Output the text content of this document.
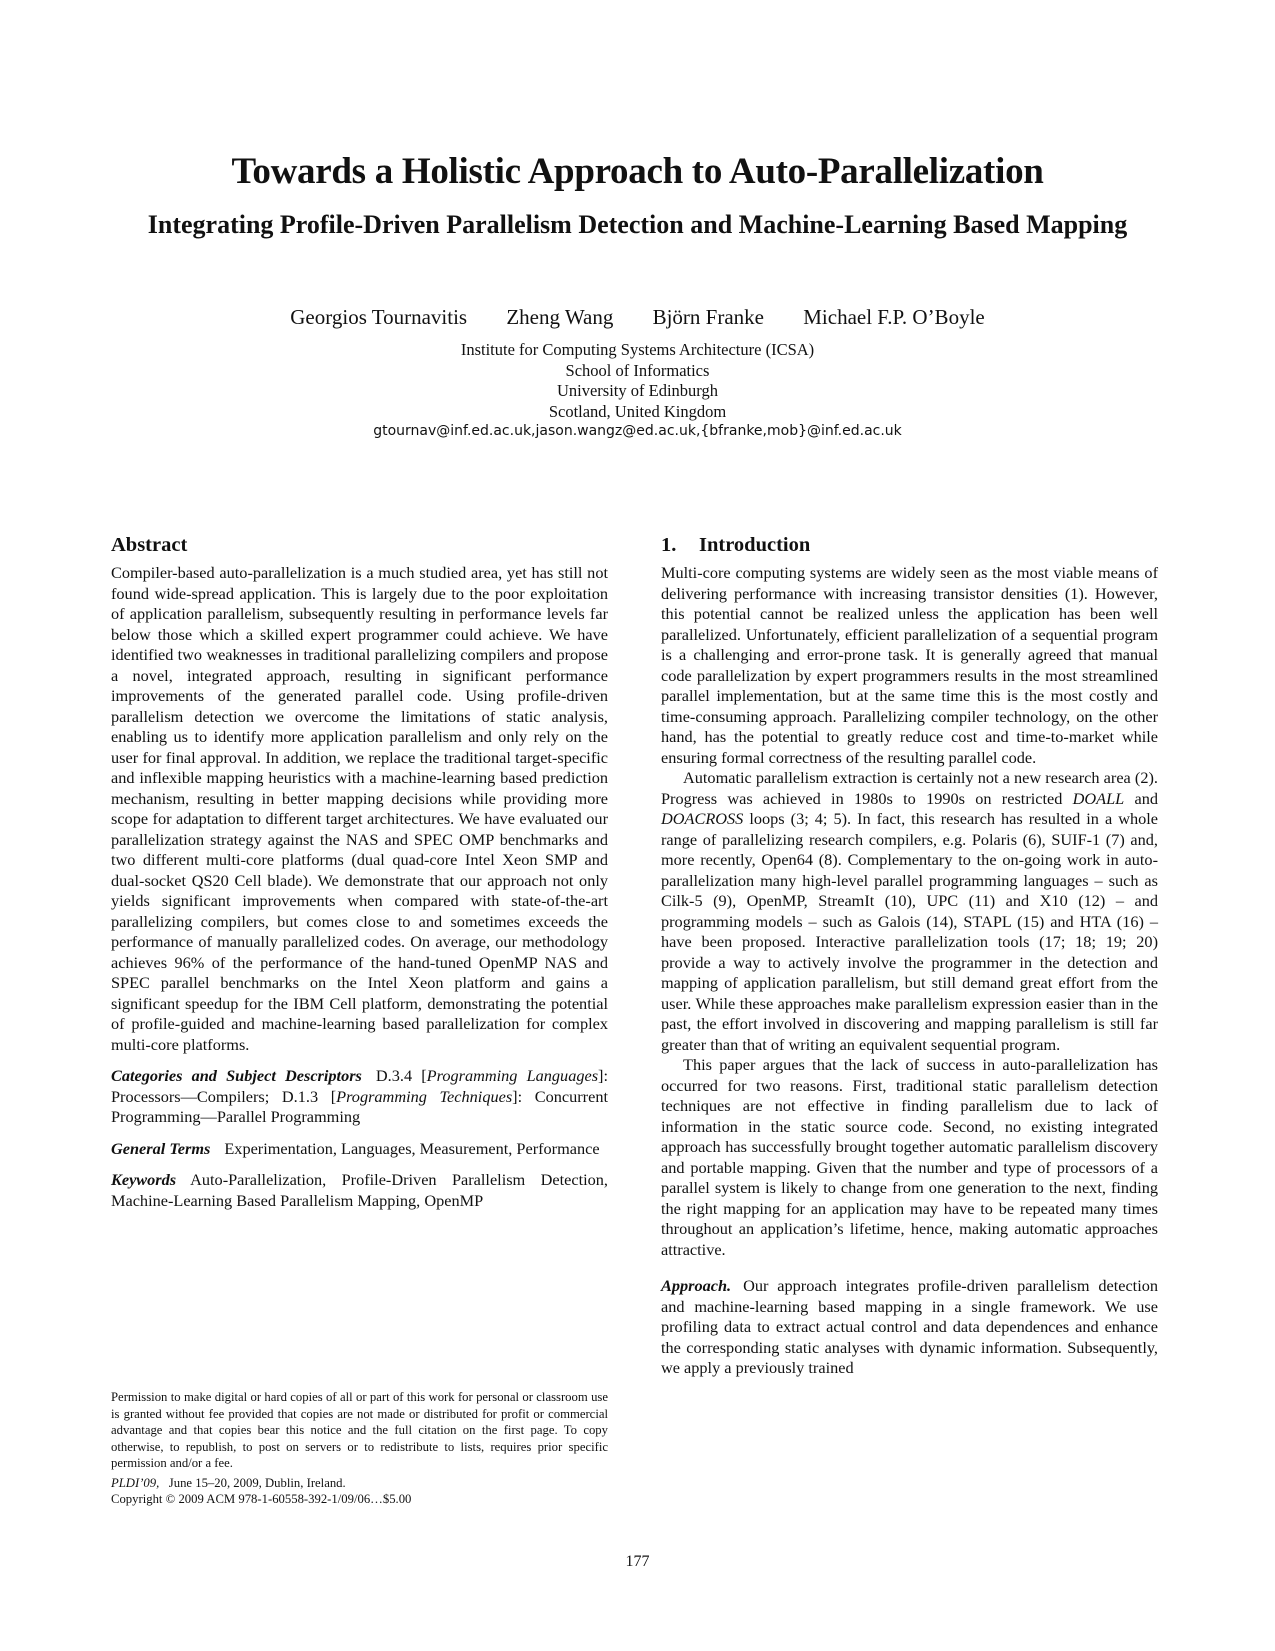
Towards a Holistic Approach to Auto-Parallelization
Integrating Profile-Driven Parallelism Detection and Machine-Learning Based Mapping
Georgios Tournavitis Zheng Wang Björn Franke Michael F.P. O’Boyle
Institute for Computing Systems Architecture (ICSA)
School of Informatics
University of Edinburgh
Scotland, United Kingdom
gtournav@inf.ed.ac.uk,jason.wangz@ed.ac.uk,{bfranke,mob}@inf.ed.ac.uk
Abstract

Compiler-based auto-parallelization is a much studied area, yet has still not found wide-spread application. This is largely due to the poor exploitation of application parallelism, subsequently resulting in performance levels far below those which a skilled expert programmer could achieve. We have identified two weaknesses in traditional parallelizing compilers and propose a novel, integrated approach, resulting in significant performance improvements of the generated parallel code. Using profile-driven parallelism detection we overcome the limitations of static analysis, enabling us to identify more application parallelism and only rely on the user for final approval. In addition, we replace the traditional target-specific and inflexible mapping heuristics with a machine-learning based prediction mechanism, resulting in better mapping decisions while providing more scope for adaptation to different target architectures. We have evaluated our parallelization strategy against the NAS and SPEC OMP benchmarks and two different multi-core platforms (dual quad-core Intel Xeon SMP and dual-socket QS20 Cell blade). We demonstrate that our approach not only yields significant improvements when compared with state-of-the-art parallelizing compilers, but comes close to and sometimes exceeds the performance of manually parallelized codes. On average, our methodology achieves 96% of the performance of the hand-tuned OpenMP NAS and SPEC parallel benchmarks on the Intel Xeon platform and gains a significant speedup for the IBM Cell platform, demonstrating the potential of profile-guided and machine-learning based parallelization for complex multi-core platforms.

Categories and Subject Descriptors D.3.4 [Programming Languages]: Processors—Compilers; D.1.3 [Programming Techniques]: Concurrent Programming—Parallel Programming

General Terms Experimentation, Languages, Measurement, Performance

Keywords Auto-Parallelization, Profile-Driven Parallelism Detection, Machine-Learning Based Parallelism Mapping, OpenMP

Permission to make digital or hard copies of all or part of this work for personal or classroom use is granted without fee provided that copies are not made or distributed for profit or commercial advantage and that copies bear this notice and the full citation on the first page. To copy otherwise, to republish, to post on servers or to redistribute to lists, requires prior specific permission and/or a fee.

PLDI’09, June 15–20, 2009, Dublin, Ireland.

Copyright © 2009 ACM 978-1-60558-392-1/09/06…$5.00

1. Introduction

Multi-core computing systems are widely seen as the most viable means of delivering performance with increasing transistor densities (1). However, this potential cannot be realized unless the application has been well parallelized. Unfortunately, efficient parallelization of a sequential program is a challenging and error-prone task. It is generally agreed that manual code parallelization by expert programmers results in the most streamlined parallel implementation, but at the same time this is the most costly and time-consuming approach. Parallelizing compiler technology, on the other hand, has the potential to greatly reduce cost and time-to-market while ensuring formal correctness of the resulting parallel code.

Automatic parallelism extraction is certainly not a new research area (2). Progress was achieved in 1980s to 1990s on restricted DOALL and DOACROSS loops (3; 4; 5). In fact, this research has resulted in a whole range of parallelizing research compilers, e.g. Polaris (6), SUIF-1 (7) and, more recently, Open64 (8). Complementary to the on-going work in auto-parallelization many high-level parallel programming languages – such as Cilk-5 (9), OpenMP, StreamIt (10), UPC (11) and X10 (12) – and programming models – such as Galois (14), STAPL (15) and HTA (16) – have been proposed. Interactive parallelization tools (17; 18; 19; 20) provide a way to actively involve the programmer in the detection and mapping of application parallelism, but still demand great effort from the user. While these approaches make parallelism expression easier than in the past, the effort involved in discovering and mapping parallelism is still far greater than that of writing an equivalent sequential program.

This paper argues that the lack of success in auto-parallelization has occurred for two reasons. First, traditional static parallelism detection techniques are not effective in finding parallelism due to lack of information in the static source code. Second, no existing integrated approach has successfully brought together automatic parallelism discovery and portable mapping. Given that the number and type of processors of a parallel system is likely to change from one generation to the next, finding the right mapping for an application may have to be repeated many times throughout an application’s lifetime, hence, making automatic approaches attractive.

Approach. Our approach integrates profile-driven parallelism detection and machine-learning based mapping in a single framework. We use profiling data to extract actual control and data dependences and enhance the corresponding static analyses with dynamic information. Subsequently, we apply a previously trained

177
